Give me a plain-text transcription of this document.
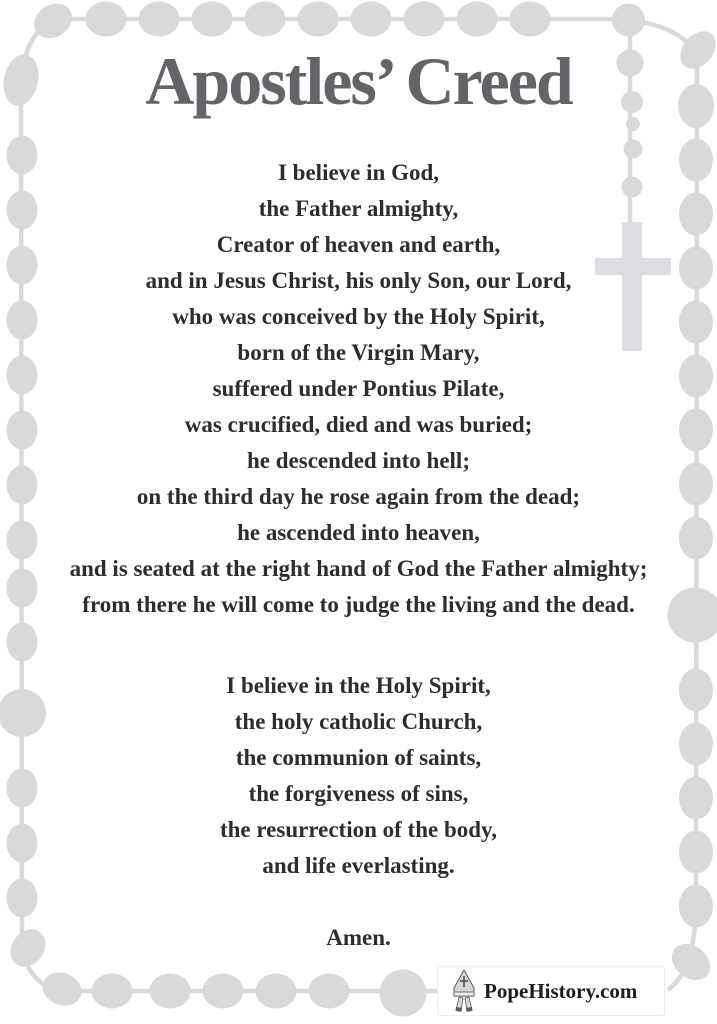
Apostles’ Creed
I believe in God,
the Father almighty,
Creator of heaven and earth,
and in Jesus Christ, his only Son, our Lord,
who was conceived by the Holy Spirit,
born of the Virgin Mary,
suffered under Pontius Pilate,
was crucified, died and was buried;
he descended into hell;
on the third day he rose again from the dead;
he ascended into heaven,
and is seated at the right hand of God the Father almighty;
from there he will come to judge the living and the dead.
I believe in the Holy Spirit,
the holy catholic Church,
the communion of saints,
the forgiveness of sins,
the resurrection of the body,
and life everlasting.
Amen.
PopeHistory.com
